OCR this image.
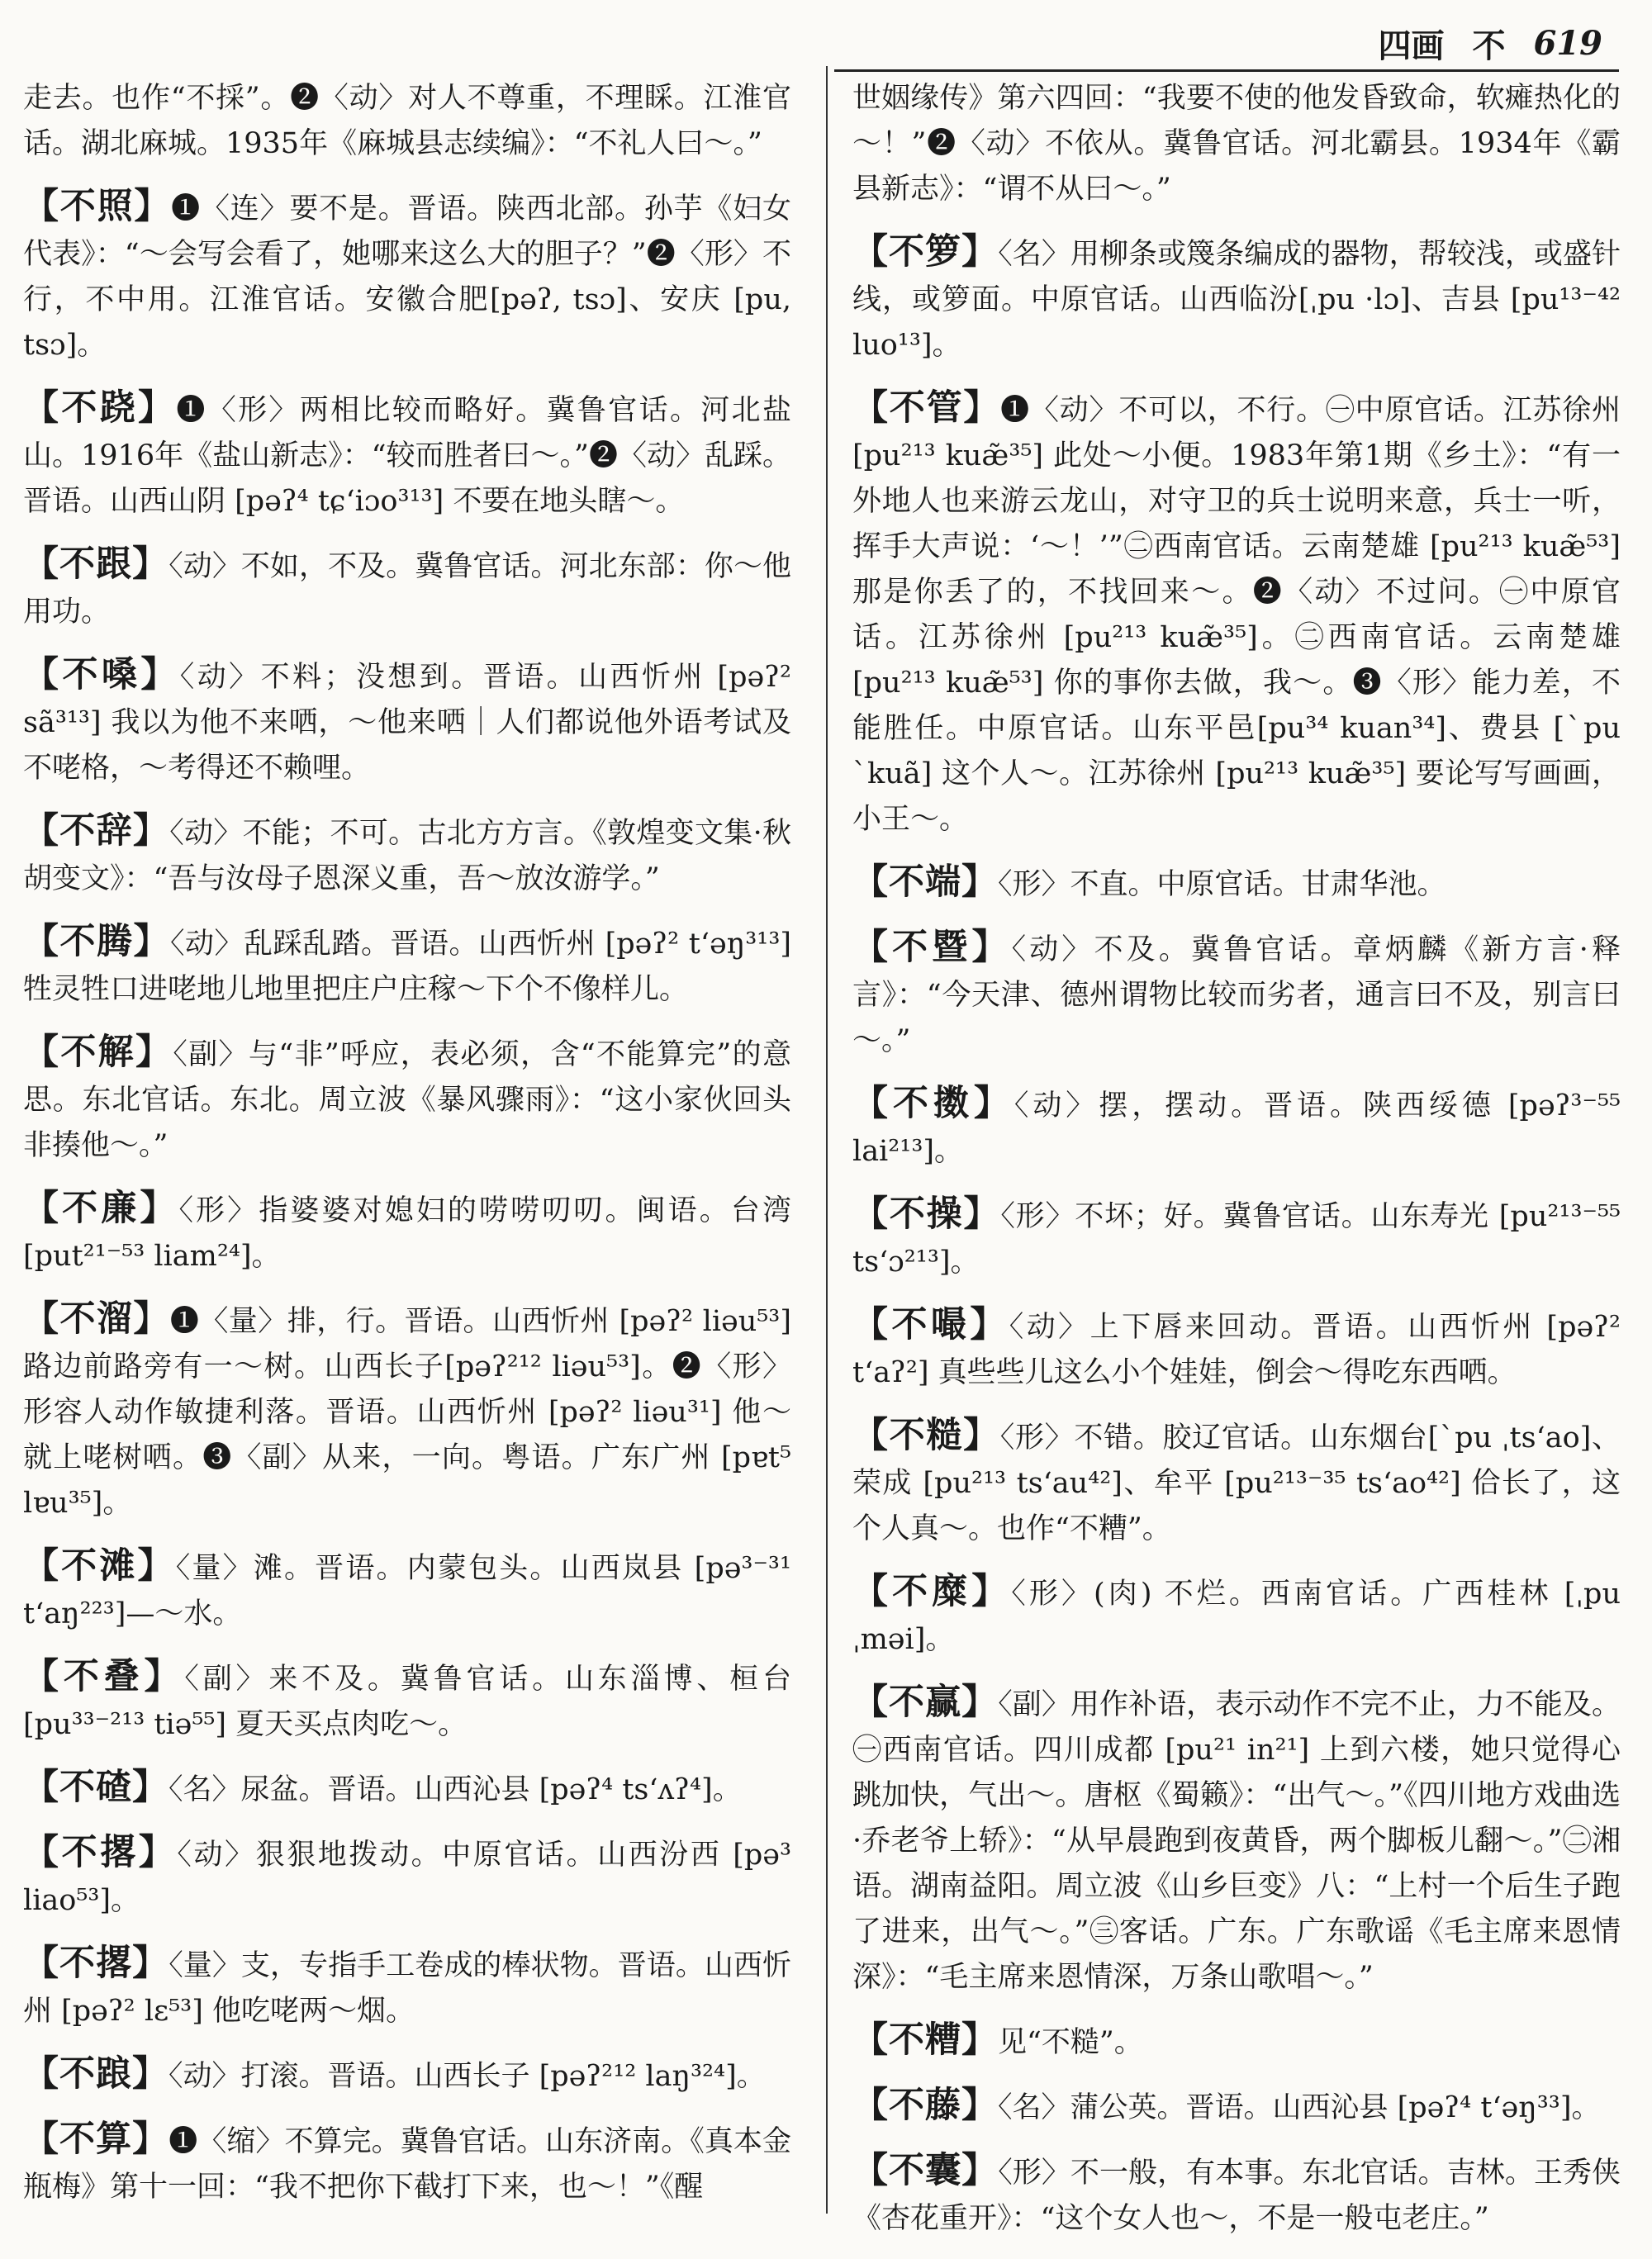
四画 不 619

走去。也作“不採”。❷〈动〉对人不尊重，不理睬。江淮官话。湖北麻城。1935年《麻城县志续编》：“不礼人曰～。”

【不照】❶〈连〉要不是。晋语。陕西北部。孙芋《妇女代表》：“～会写会看了，她哪来这么大的胆子？”❷〈形〉不行，不中用。江淮官话。安徽合肥[pəʔ, tsɔ]、安庆 [pu, tsɔ]。

【不跷】❶〈形〉两相比较而略好。冀鲁官话。河北盐山。1916年《盐山新志》：“较而胜者曰～。”❷〈动〉乱踩。晋语。山西山阴 [pəʔ⁴ tɕʻiɔo³¹³] 不要在地头瞎～。

【不跟】〈动〉不如，不及。冀鲁官话。河北东部：你～他用功。

【不嗓】〈动〉不料；没想到。晋语。山西忻州 [pəʔ² sã³¹³] 我以为他不来哂，～他来哂｜人们都说他外语考试及不咾格，～考得还不赖哩。

【不辞】〈动〉不能；不可。古北方方言。《敦煌变文集·秋胡变文》：“吾与汝母子恩深义重，吾～放汝游学。”

【不腾】〈动〉乱踩乱踏。晋语。山西忻州 [pəʔ² tʻəŋ³¹³] 牲灵牲口进咾地儿地里把庄户庄稼～下个不像样儿。

【不解】〈副〉与“非”呼应，表必须，含“不能算完”的意思。东北官话。东北。周立波《暴风骤雨》：“这小家伙回头非揍他～。”

【不廉】〈形〉指婆婆对媳妇的唠唠叨叨。闽语。台湾 [put²¹⁻⁵³ liam²⁴]。

【不溜】❶〈量〉排，行。晋语。山西忻州 [pəʔ² liəu⁵³] 路边前路旁有一～树。山西长子[pəʔ²¹² liəu⁵³]。❷〈形〉形容人动作敏捷利落。晋语。山西忻州 [pəʔ² liəu³¹] 他～就上咾树哂。❸〈副〉从来，一向。粤语。广东广州 [pɐt⁵ lɐu³⁵]。

【不滩】〈量〉滩。晋语。内蒙包头。山西岚县 [pə³⁻³¹ tʻaŋ²²³]—～水。

【不叠】〈副〉来不及。冀鲁官话。山东淄博、桓台 [pu³³⁻²¹³ tiə⁵⁵] 夏天买点肉吃～。

【不碴】〈名〉尿盆。晋语。山西沁县 [pəʔ⁴ tsʻʌʔ⁴]。

【不撂】〈动〉狠狠地拨动。中原官话。山西汾西 [pə³ liao⁵³]。

【不撂】〈量〉支，专指手工卷成的棒状物。晋语。山西忻州 [pəʔ² lɛ⁵³] 他吃咾两～烟。

【不踉】〈动〉打滚。晋语。山西长子 [pəʔ²¹² laŋ³²⁴]。

【不算】❶〈缩〉不算完。冀鲁官话。山东济南。《真本金瓶梅》第十一回：“我不把你下截打下来，也～！”《醒

世姻缘传》第六四回：“我要不使的他发昏致命，软瘫热化的～！”❷〈动〉不依从。冀鲁官话。河北霸县。1934年《霸县新志》：“谓不从曰～。”

【不箩】〈名〉用柳条或篾条编成的器物，帮较浅，或盛针线，或箩面。中原官话。山西临汾[ˌpu ·lɔ]、吉县 [pu¹³⁻⁴² luo¹³]。

【不管】❶〈动〉不可以，不行。㊀中原官话。江苏徐州 [pu²¹³ kuæ̃³⁵] 此处～小便。1983年第1期《乡土》：“有一外地人也来游云龙山，对守卫的兵士说明来意，兵士一听，挥手大声说：‘～！’”㊁西南官话。云南楚雄 [pu²¹³ kuæ̃⁵³] 那是你丢了的，不找回来～。❷〈动〉不过问。㊀中原官话。江苏徐州 [pu²¹³ kuæ̃³⁵]。㊁西南官话。云南楚雄[pu²¹³ kuæ̃⁵³] 你的事你去做，我～。❸〈形〉能力差，不能胜任。中原官话。山东平邑[pu³⁴ kuan³⁴]、费县 [ˋpu ˋkuã] 这个人～。江苏徐州 [pu²¹³ kuæ̃³⁵] 要论写写画画，小王～。

【不端】〈形〉不直。中原官话。甘肃华池。

【不暨】〈动〉不及。冀鲁官话。章炳麟《新方言·释言》：“今天津、德州谓物比较而劣者，通言曰不及，别言曰～。”

【不擞】〈动〉摆，摆动。晋语。陕西绥德 [pəʔ³⁻⁵⁵ lai²¹³]。

【不操】〈形〉不坏；好。冀鲁官话。山东寿光 [pu²¹³⁻⁵⁵ tsʻɔ²¹³]。

【不嘬】〈动〉上下唇来回动。晋语。山西忻州 [pəʔ² tʻaʔ²] 真些些儿这么小个娃娃，倒会～得吃东西哂。

【不糙】〈形〉不错。胶辽官话。山东烟台[ˋpu ˌtsʻao]、荣成 [pu²¹³ tsʻau⁴²]、牟平 [pu²¹³⁻³⁵ tsʻao⁴²] 佮长了，这个人真～。也作“不糟”。

【不糜】〈形〉(肉) 不烂。西南官话。广西桂林 [ˌpu ˌməi]。

【不赢】〈副〉用作补语，表示动作不完不止，力不能及。㊀西南官话。四川成都 [pu²¹ in²¹] 上到六楼，她只觉得心跳加快，气出～。唐枢《蜀籁》：“出气～。”《四川地方戏曲选·乔老爷上轿》：“从早晨跑到夜黄昏，两个脚板儿翻～。”㊁湘语。湖南益阳。周立波《山乡巨变》八：“上村一个后生子跑了进来，出气～。”㊂客话。广东。广东歌谣《毛主席来恩情深》：“毛主席来恩情深，万条山歌唱～。”

【不糟】见“不糙”。

【不藤】〈名〉蒲公英。晋语。山西沁县 [pəʔ⁴ tʻəŋ³³]。

【不囊】〈形〉不一般，有本事。东北官话。吉林。王秀侠《杏花重开》：“这个女人也～，不是一般屯老庄。”
